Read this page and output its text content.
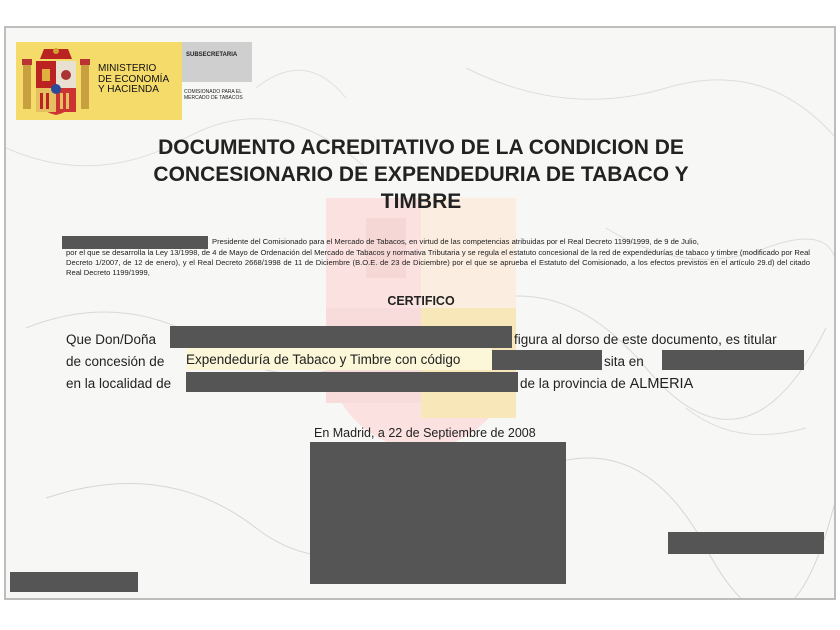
MINISTERIO
DE ECONOMÍA
Y HACIENDA
SUBSECRETARIA
COMISIONADO PARA EL
MERCADO DE TABACOS
DOCUMENTO ACREDITATIVO DE LA CONDICION DE
CONCESIONARIO DE EXPENDEDURIA DE TABACO Y
TIMBRE
Presidente del Comisionado para el Mercado de Tabacos, en virtud de las competencias atribuidas por el Real Decreto 1199/1999, de 9 de Julio,
por el que se desarrolla la Ley 13/1998, de 4 de Mayo de Ordenación del Mercado de Tabacos y normativa Tributaria y se regula el estatuto concesional de la red de expendedurías de tabaco y timbre (modificado por Real Decreto 1/2007, de 12 de enero), y el Real Decreto 2668/1998 de 11 de Diciembre (B.O.E. de 23 de Diciembre) por el que se aprueba el Estatuto del Comisionado, a los efectos previstos en el artículo 29.d) del citado Real Decreto 1199/1999,
CERTIFICO
Que Don/Doña	figura al dorso de este documento, es titular
de concesión de Expendeduría de Tabaco y Timbre con código	sita en
en la localidad de	de la provincia de ALMERIA
En Madrid, a 22 de Septiembre de 2008
